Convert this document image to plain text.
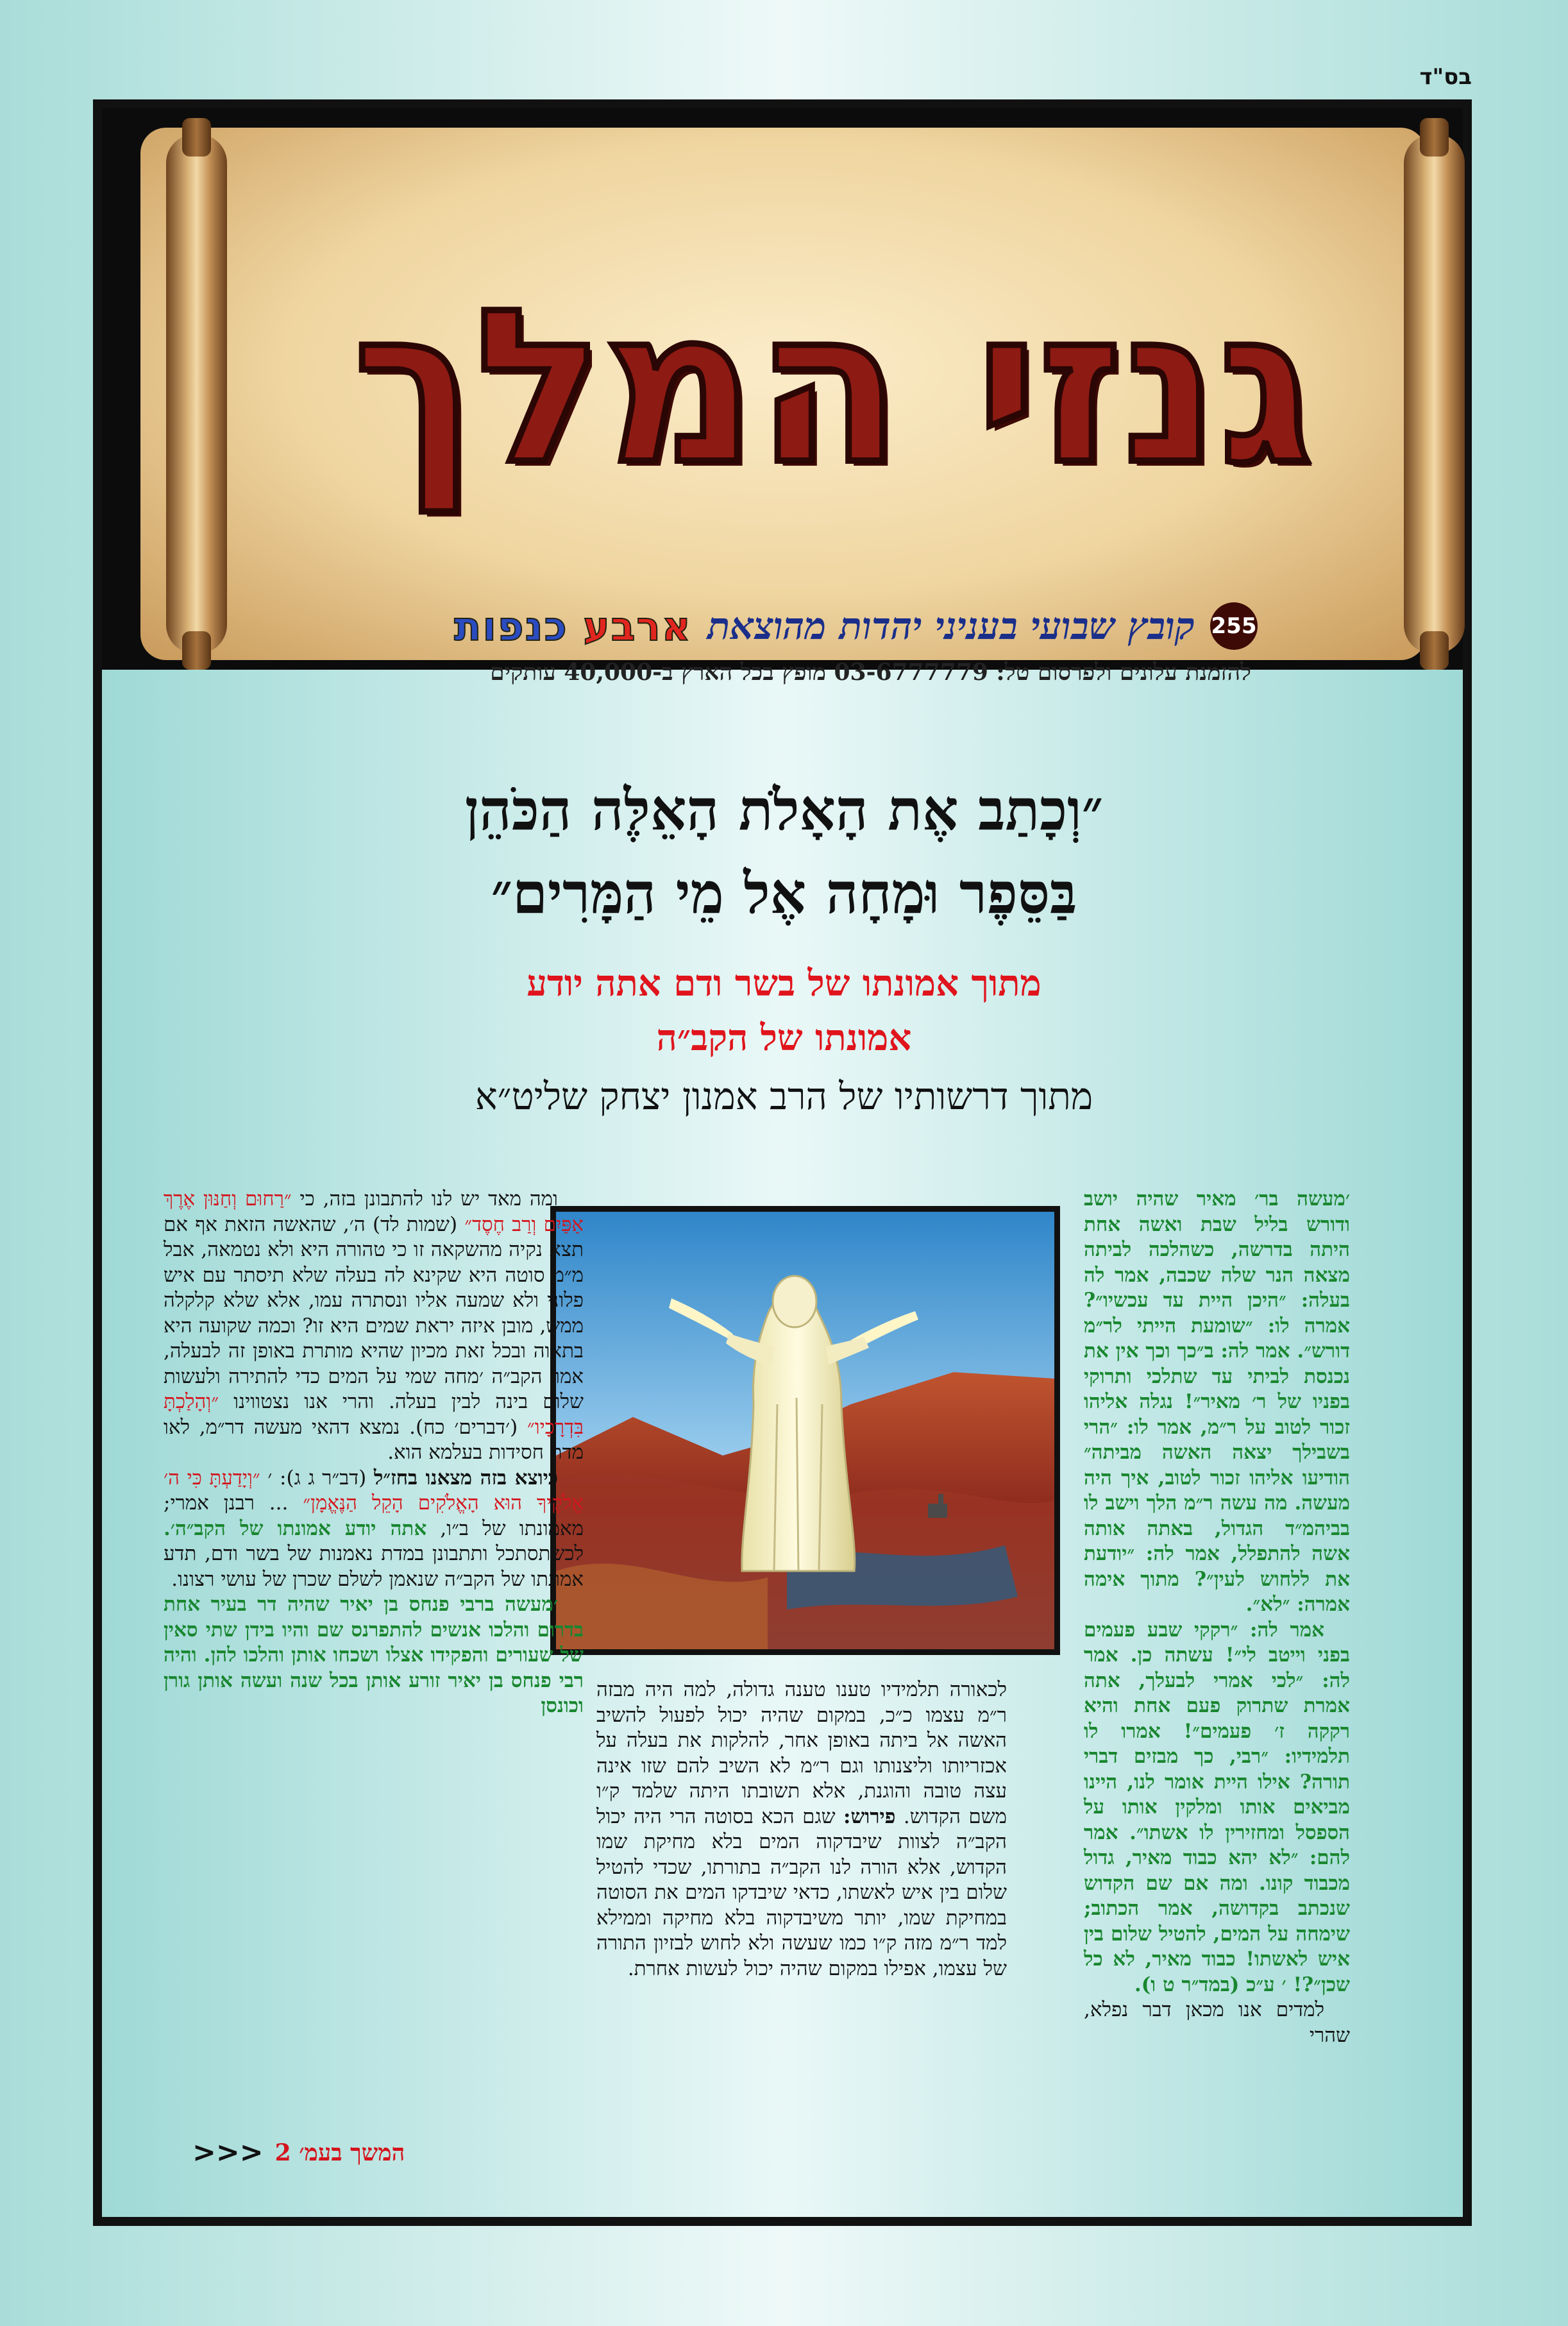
בס"ד
גנזי המלך
255
קובץ שבועי בעניני יהדות מהוצאת
ארבע כנפות
להזמנת עלונים ולפרסום טל: 03-6777779 מופץ בכל הארץ ב-40,000 עותקים
״וְכָתַב אֶת הָאָלֹת הָאֵלֶּה הַכֹּהֵן
בַּסֵּפֶר וּמָחָה אֶל מֵי הַמָּרִים״
מתוך אמונתו של בשר ודם אתה יודע
אמונתו של הקב״ה
מתוך דרשותיו של הרב אמנון יצחק שליט״א

׳מעשה בר׳ מאיר שהיה יושב ודורש בליל שבת ואשה אחת היתה בדרשה, כשהלכה לביתה מצאה הנר שלה שכבה, אמר לה בעלה: ״היכן היית עד עכשיו״? אמרה לו: ״שומעת הייתי לר״מ דורש״. אמר לה: ב״כך וכך אין את נכנסת לביתי עד שתלכי ותרוקי בפניו של ר׳ מאיר״! נגלה אליהו זכור לטוב על ר״מ, אמר לו: ״הרי בשבילך יצאה האשה מביתה״ הודיעו אליהו זכור לטוב, איך היה מעשה. מה עשה ר״מ הלך וישב לו בביהמ״ד הגדול, באתה אותה אשה להתפלל, אמר לה: ״יודעת את ללחוש לעין״? מתוך אימה אמרה: ״לא״.

אמר לה: ״רקקי שבע פעמים בפני וייטב לי״! עשתה כן. אמר לה: ״לכי אמרי לבעלך, אתה אמרת שתרוק פעם אחת והיא רקקה ז׳ פעמים״! אמרו לו תלמידיו: ״רבי, כך מבזים דברי תורה? אילו היית אומר לנו, היינו מביאים אותו ומלקין אותו על הספסל ומחזירין לו אשתו״. אמר להם: ״לא יהא כבוד מאיר, גדול מכבוד קונו. ומה אם שם הקדוש שנכתב בקדושה, אמר הכתוב; שימחה על המים, להטיל שלום בין איש לאשתו! כבוד מאיר, לא כל שכן״?! ׳ ע״כ (במד״ר ט ו).

למדים אנו מכאן דבר נפלא, שהרי

לכאורה תלמידיו טענו טענה גדולה, למה היה מבזה ר״מ עצמו כ״כ, במקום שהיה יכול לפעול להשיב האשה אל ביתה באופן אחר, להלקות את בעלה על אכזריותו וליצנותו וגם ר״מ לא השיב להם שזו אינה עצה טובה והוגנת, אלא תשובתו היתה שלמד ק״ו משם הקדוש. פירוש: שגם הכא בסוטה הרי היה יכול הקב״ה לצוות שיבדקוה המים בלא מחיקת שמו הקדוש, אלא הורה לנו הקב״ה בתורתו, שכדי להטיל שלום בין איש לאשתו, כדאי שיבדקו המים את הסוטה במחיקת שמו, יותר משיבדקוה בלא מחיקה וממילא למד ר״מ מזה ק״ו כמו שעשה ולא לחוש לבזיון התורה של עצמו, אפילו במקום שהיה יכול לעשות אחרת.

ומה מאד יש לנו להתבונן בזה, כי ״רַחוּם וְחַנּוּן אֶרֶךְ אַפַּיִם וְרַב חֶסֶד״ (שמות לד) ה׳, שהאשה הזאת אף אם תצא נקיה מהשקאה זו כי טהורה היא ולא נטמאה, אבל מ״מ סוטה היא שקינא לה בעלה שלא תיסתר עם איש פלוני ולא שמעה אליו ונסתרה עמו, אלא שלא קלקלה ממש, מובן איזה יראת שמים היא זו? וכמה שקועה היא בתאוה ובכל זאת מכיון שהיא מותרת באופן זה לבעלה, אמר הקב״ה ׳מחה שמי על המים כדי להתירה ולעשות שלום בינה לבין בעלה. והרי אנו נצטווינו ״וְהָלַכְתָּ בִּדְרָכָיו״ (׳דברים׳ כח). נמצא דהאי מעשה דר״מ, לאו מדת חסידות בעלמא הוא.

כיוצא בזה מצאנו בחז״ל (דב״ר ג ג): ׳ ״וְיָדַעְתָּ כִּי ה׳ אֱלֹקֶיךָ הוּא הָאֱלֹקִים הָקֵל הַנֶּאֱמָן״ ... רבנן אמרי; מאמונתו של ב״ו, אתה יודע אמונתו של הקב״ה׳. לכשתסתכל ותתבונן במדת נאמנות של בשר ודם, תדע אמונתו של הקב״ה שנאמן לשלם שכרן של עושי רצונו.

׳מעשה ברבי פנחס בן יאיר שהיה דר בעיר אחת בדרום והלכו אנשים להתפרנס שם והיו בידן שתי סאין של שעורים והפקידו אצלו ושכחו אותן והלכו להן. והיה רבי פנחס בן יאיר זורע אותן בכל שנה ועשה אותן גורן וכונסן

המשך בעמ׳ 2
<<<
